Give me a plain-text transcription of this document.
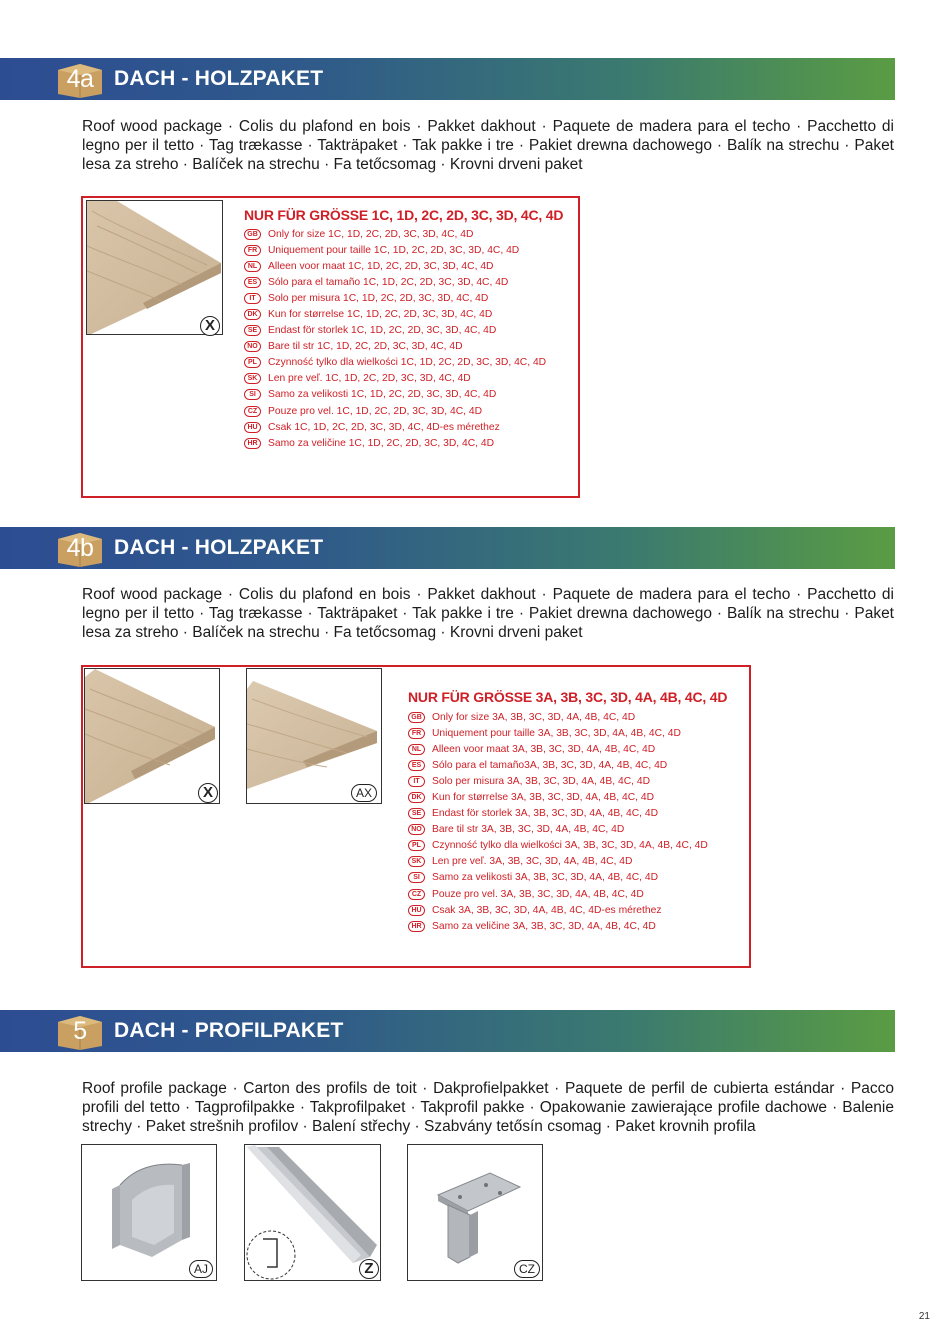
4a DACH - HOLZPAKET
Roof wood package · Colis du plafond en bois · Pakket dakhout · Paquete de madera para el techo · Pacchetto di legno per il tetto · Tag trækasse · Takträpaket · Tak pakke i tre · Pakiet drewna dachowego · Balík na strechu · Paket lesa za streho · Balíček na strechu · Fa tetőcsomag · Krovni drveni paket
X
NUR FÜR GRÖSSE 1C, 1D, 2C, 2D, 3C, 3D, 4C, 4D
GB Only for size 1C, 1D, 2C, 2D, 3C, 3D, 4C, 4D
FR	Uniquement pour taille 1C, 1D, 2C, 2D, 3C, 3D, 4C, 4D
NL	Alleen voor maat 1C, 1D, 2C, 2D, 3C, 3D, 4C, 4D
ES	Sólo para el tamaño 1C, 1D, 2C, 2D, 3C, 3D, 4C, 4D
IT	Solo per misura 1C, 1D, 2C, 2D, 3C, 3D, 4C, 4D
DK	Kun for størrelse 1C, 1D, 2C, 2D, 3C, 3D, 4C, 4D
SE	Endast för storlek 1C, 1D, 2C, 2D, 3C, 3D, 4C, 4D
NO Bare til str 1C, 1D, 2C, 2D, 3C, 3D, 4C, 4D
PL	Czynność tylko dla wielkości 1C, 1D, 2C, 2D, 3C, 3D, 4C, 4D
SK	Len pre veľ. 1C, 1D, 2C, 2D, 3C, 3D, 4C, 4D
SI	Samo za velikosti 1C, 1D, 2C, 2D, 3C, 3D, 4C, 4D
CZ	Pouze pro vel. 1C, 1D, 2C, 2D, 3C, 3D, 4C, 4D
HU	Csak 1C, 1D, 2C, 2D, 3C, 3D, 4C, 4D-es mérethez
HR	Samo za veličine 1C, 1D, 2C, 2D, 3C, 3D, 4C, 4D
4b DACH - HOLZPAKET
Roof wood package · Colis du plafond en bois · Pakket dakhout · Paquete de madera para el techo · Pacchetto di legno per il tetto · Tag trækasse · Takträpaket · Tak pakke i tre · Pakiet drewna dachowego · Balík na strechu · Paket lesa za streho · Balíček na strechu · Fa tetőcsomag · Krovni drveni paket
X	AX
NUR FÜR GRÖSSE 3A, 3B, 3C, 3D, 4A, 4B, 4C, 4D
GB Only for size 3A, 3B, 3C, 3D, 4A, 4B, 4C, 4D
FR	Uniquement pour taille 3A, 3B, 3C, 3D, 4A, 4B, 4C, 4D
NL	Alleen voor maat 3A, 3B, 3C, 3D, 4A, 4B, 4C, 4D
ES	Sólo para el tamaño3A, 3B, 3C, 3D, 4A, 4B, 4C, 4D
IT	Solo per misura 3A, 3B, 3C, 3D, 4A, 4B, 4C, 4D
DK	Kun for størrelse 3A, 3B, 3C, 3D, 4A, 4B, 4C, 4D
SE	Endast för storlek 3A, 3B, 3C, 3D, 4A, 4B, 4C, 4D
NO Bare til str 3A, 3B, 3C, 3D, 4A, 4B, 4C, 4D
PL	Czynność tylko dla wielkości 3A, 3B, 3C, 3D, 4A, 4B, 4C, 4D
SK	Len pre veľ. 3A, 3B, 3C, 3D, 4A, 4B, 4C, 4D
SI	Samo za velikosti 3A, 3B, 3C, 3D, 4A, 4B, 4C, 4D
CZ	Pouze pro vel. 3A, 3B, 3C, 3D, 4A, 4B, 4C, 4D
HU	Csak 3A, 3B, 3C, 3D, 4A, 4B, 4C, 4D-es mérethez
HR	Samo za veličine 3A, 3B, 3C, 3D, 4A, 4B, 4C, 4D
5	DACH - PROFILPAKET
Roof profile package · Carton des profils de toit · Dakprofielpakket · Paquete de perfil de cubierta estándar · Pacco profili del tetto · Tagprofilpakke · Takprofilpaket · Takprofil pakke · Opakowanie zawierające profile dachowe · Balenie strechy · Paket strešnih profilov · Balení střechy · Szabvány tetősín csomag · Paket krovnih profila
AJ	Z	CZ
21
